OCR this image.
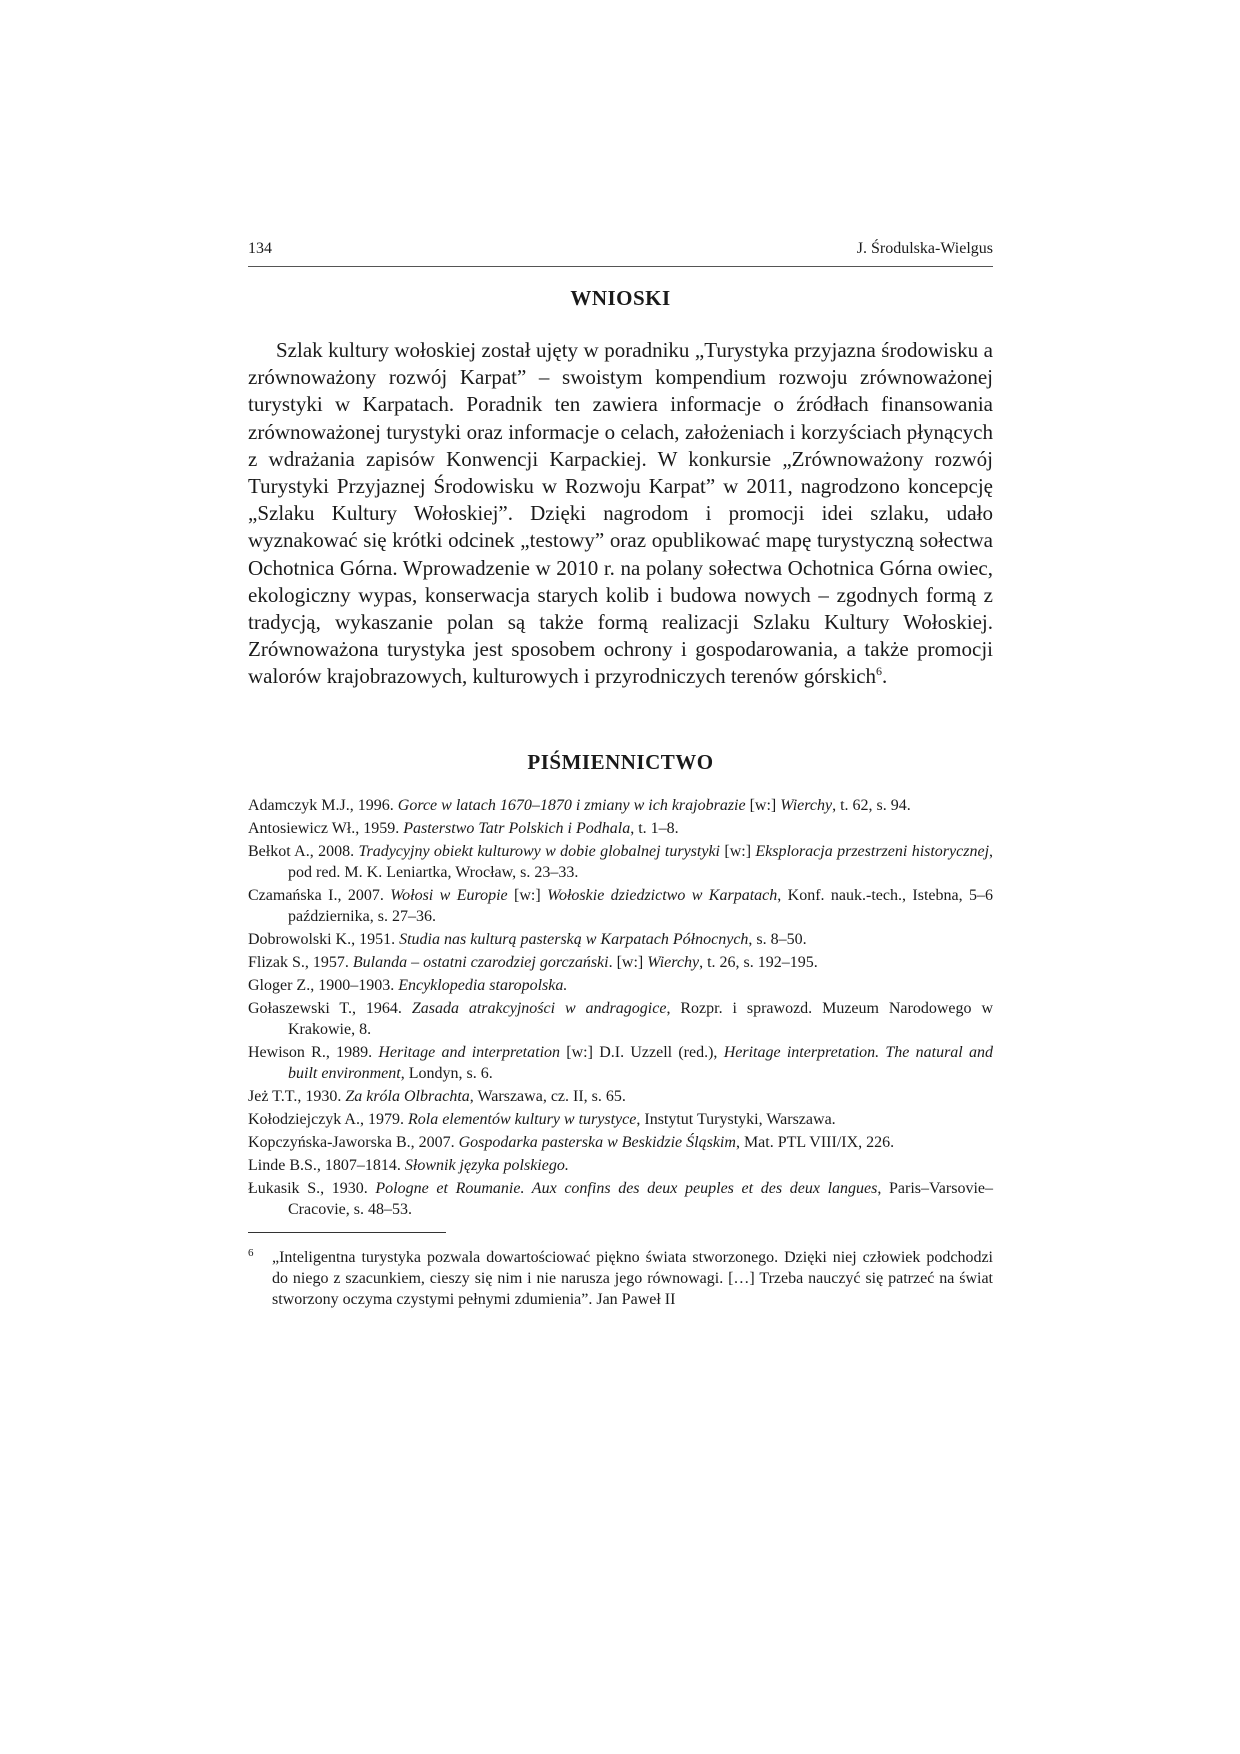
134	J. Środulska-Wielgus
WNIOSKI

Szlak kultury wołoskiej został ujęty w poradniku „Turystyka przyjazna środowisku a zrównoważony rozwój Karpat” – swoistym kompendium rozwoju zrównoważonej turystyki w Karpatach. Poradnik ten zawiera informacje o źródłach finansowania zrównoważonej turystyki oraz informacje o celach, założeniach i korzyściach płynących z wdrażania zapisów Konwencji Karpackiej. W konkursie „Zrównoważony rozwój Turystyki Przyjaznej Środowisku w Rozwoju Karpat” w 2011, nagrodzono koncepcję „Szlaku Kultury Wołoskiej”. Dzięki nagrodom i promocji idei szlaku, udało wyznakować się krótki odcinek „testowy” oraz opublikować mapę turystyczną sołectwa Ochotnica Górna. Wprowadzenie w 2010 r. na polany sołectwa Ochotnica Górna owiec, ekologiczny wypas, konserwacja starych kolib i budowa nowych – zgodnych formą z tradycją, wykaszanie polan są także formą realizacji Szlaku Kultury Wołoskiej. Zrównoważona turystyka jest sposobem ochrony i gospodarowania, a także promocji walorów krajobrazowych, kulturowych i przyrodniczych terenów górskich$^6$.

PIŚMIENNICTWO
Adamczyk M.J., 1996. Gorce w latach 1670–1870 i zmiany w ich krajobrazie [w:] Wierchy, t. 62, s. 94.
Antosiewicz Wł., 1959. Pasterstwo Tatr Polskich i Podhala, t. 1–8.
Bełkot A., 2008. Tradycyjny obiekt kulturowy w dobie globalnej turystyki [w:] Eksploracja przestrzeni historycznej, pod red. M. K. Leniartka, Wrocław, s. 23–33.
Czamańska I., 2007. Wołosi w Europie [w:] Wołoskie dziedzictwo w Karpatach, Konf. nauk.-tech., Istebna, 5–6 października, s. 27–36.
Dobrowolski K., 1951. Studia nas kulturą pasterską w Karpatach Północnych, s. 8–50.
Flizak S., 1957. Bulanda – ostatni czarodziej gorczański. [w:] Wierchy, t. 26, s. 192–195.
Gloger Z., 1900–1903. Encyklopedia staropolska.
Gołaszewski T., 1964. Zasada atrakcyjności w andragogice, Rozpr. i sprawozd. Muzeum Narodowego w Krakowie, 8.
Hewison R., 1989. Heritage and interpretation [w:] D.I. Uzzell (red.), Heritage interpretation. The natural and built environment, Londyn, s. 6.
Jeż T.T., 1930. Za króla Olbrachta, Warszawa, cz. II, s. 65.
Kołodziejczyk A., 1979. Rola elementów kultury w turystyce, Instytut Turystyki, Warszawa.
Kopczyńska-Jaworska B., 2007. Gospodarka pasterska w Beskidzie Śląskim, Mat. PTL VIII/IX, 226.
Linde B.S., 1807–1814. Słownik języka polskiego.
Łukasik S., 1930. Pologne et Roumanie. Aux confins des deux peuples et des deux langues, Paris–Varsovie–Cracovie, s. 48–53.

6 „Inteligentna turystyka pozwala dowartościować piękno świata stworzonego. Dzięki niej człowiek podchodzi do niego z szacunkiem, cieszy się nim i nie narusza jego równowagi. […] Trzeba nauczyć się patrzeć na świat stworzony oczyma czystymi pełnymi zdumienia”. Jan Paweł II
